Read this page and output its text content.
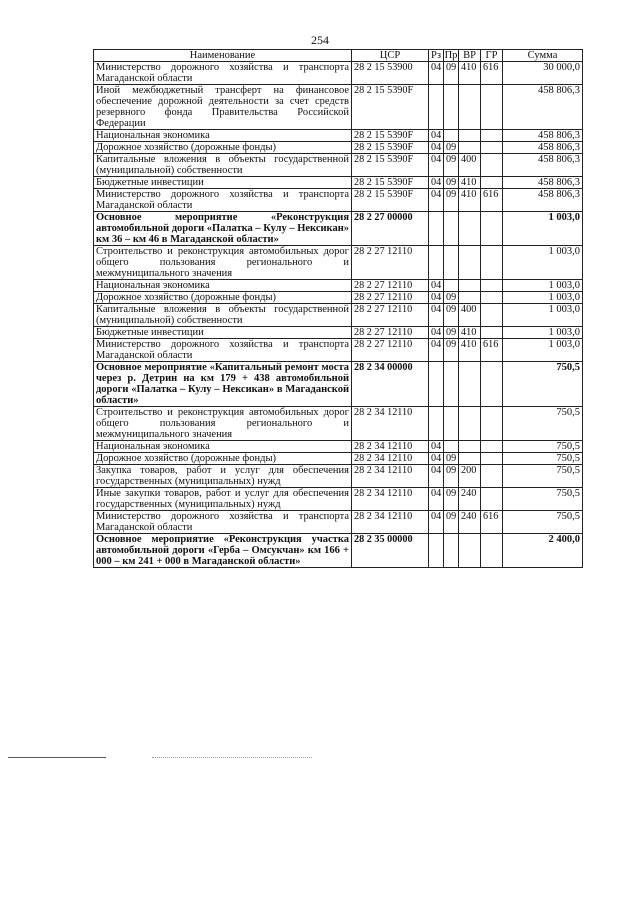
254
Наименование	ЦСР	Рз	Пр	ВР	ГР	Сумма
Министерство дорожного хозяйства и транспорта Магаданской области	28 2 15 53900	04	09	410	616	30 000,0
Иной межбюджетный трансферт на финансовое обеспечение дорожной деятельности за счет средств резервного фонда Правительства Российской Федерации	28 2 15 5390F					458 806,3
Национальная экономика	28 2 15 5390F	04				458 806,3
Дорожное хозяйство (дорожные фонды)	28 2 15 5390F	04	09			458 806,3
Капитальные вложения в объекты государственной (муниципальной) собственности	28 2 15 5390F	04	09	400		458 806,3
Бюджетные инвестиции	28 2 15 5390F	04	09	410		458 806,3
Министерство дорожного хозяйства и транспорта Магаданской области	28 2 15 5390F	04	09	410	616	458 806,3
Основное мероприятие «Реконструкция автомобильной дороги «Палатка – Кулу – Нексикан» км 36 – км 46 в Магаданской области»	28 2 27 00000					1 003,0
Строительство и реконструкция автомобильных дорог общего пользования регионального и межмуниципального значения	28 2 27 12110					1 003,0
Национальная экономика	28 2 27 12110	04				1 003,0
Дорожное хозяйство (дорожные фонды)	28 2 27 12110	04	09			1 003,0
Капитальные вложения в объекты государственной (муниципальной) собственности	28 2 27 12110	04	09	400		1 003,0
Бюджетные инвестиции	28 2 27 12110	04	09	410		1 003,0
Министерство дорожного хозяйства и транспорта Магаданской области	28 2 27 12110	04	09	410	616	1 003,0
Основное мероприятие «Капитальный ремонт моста через р. Детрин на км 179 + 438 автомобильной дороги «Палатка – Кулу – Нексикан» в Магаданской области»	28 2 34 00000					750,5
Строительство и реконструкция автомобильных дорог общего пользования регионального и межмуниципального значения	28 2 34 12110					750,5
Национальная экономика	28 2 34 12110	04				750,5
Дорожное хозяйство (дорожные фонды)	28 2 34 12110	04	09			750,5
Закупка товаров, работ и услуг для обеспечения государственных (муниципальных) нужд	28 2 34 12110	04	09	200		750,5
Иные закупки товаров, работ и услуг для обеспечения государственных (муниципальных) нужд	28 2 34 12110	04	09	240		750,5
Министерство дорожного хозяйства и транспорта Магаданской области	28 2 34 12110	04	09	240	616	750,5
Основное мероприятие «Реконструкция участка автомобильной дороги «Герба – Омсукчан» км 166 + 000 – км 241 + 000 в Магаданской области»	28 2 35 00000					2 400,0
